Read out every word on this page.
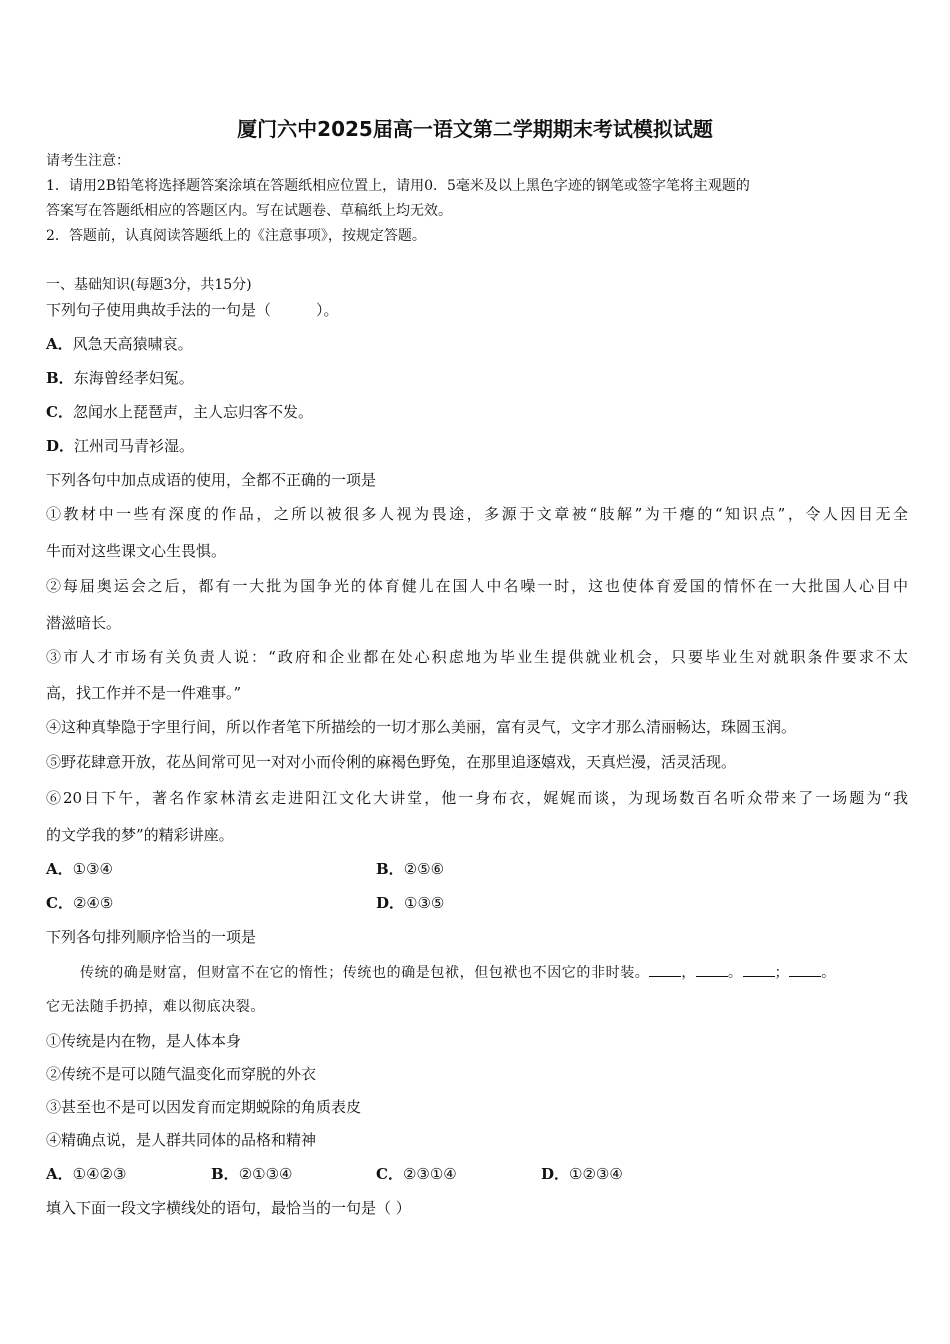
厦门六中2025届高一语文第二学期期末考试模拟试题
请考生注意：
1．请用2B铅笔将选择题答案涂填在答题纸相应位置上，请用0．5毫米及以上黑色字迹的钢笔或签字笔将主观题的
答案写在答题纸相应的答题区内。写在试题卷、草稿纸上均无效。
2．答题前，认真阅读答题纸上的《注意事项》，按规定答题。
一、基础知识(每题3分，共15分)
下列句子使用典故手法的一句是（　　　）。
A．风急天高猿啸哀。
B．东海曾经孝妇冤。
C．忽闻水上琵琶声，主人忘归客不发。
D．江州司马青衫湿。
下列各句中加点成语的使用，全都不正确的一项是
①教材中一些有深度的作品，之所以被很多人视为畏途，多源于文章被“肢解”为干瘪的“知识点”，令人因目无全
牛而对这些课文心生畏惧。
②每届奥运会之后，都有一大批为国争光的体育健儿在国人中名噪一时，这也使体育爱国的情怀在一大批国人心目中
潜滋暗长。
③市人才市场有关负责人说：“政府和企业都在处心积虑地为毕业生提供就业机会，只要毕业生对就职条件要求不太
高，找工作并不是一件难事。”
④这种真挚隐于字里行间，所以作者笔下所描绘的一切才那么美丽，富有灵气，文字才那么清丽畅达，珠圆玉润。
⑤野花肆意开放，花丛间常可见一对对小而伶俐的麻褐色野兔，在那里追逐嬉戏，天真烂漫，活灵活现。
⑥20日下午，著名作家林清玄走进阳江文化大讲堂，他一身布衣，娓娓而谈，为现场数百名听众带来了一场题为“我
的文学我的梦”的精彩讲座。
A．①③④	B．②⑤⑥
C．②④⑤	D．①③⑤
下列各句排列顺序恰当的一项是
传统的确是财富，但财富不在它的惰性；传统也的确是包袱，但包袱也不因它的非时装。 ， 。 ； 。
它无法随手扔掉，难以彻底决裂。
①传统是内在物，是人体本身
②传统不是可以随气温变化而穿脱的外衣
③甚至也不是可以因发育而定期蜕除的角质表皮
④精确点说，是人群共同体的品格和精神
A．①④②③	B．②①③④	C．②③①④	D．①②③④
填入下面一段文字横线处的语句，最恰当的一句是（ ）
